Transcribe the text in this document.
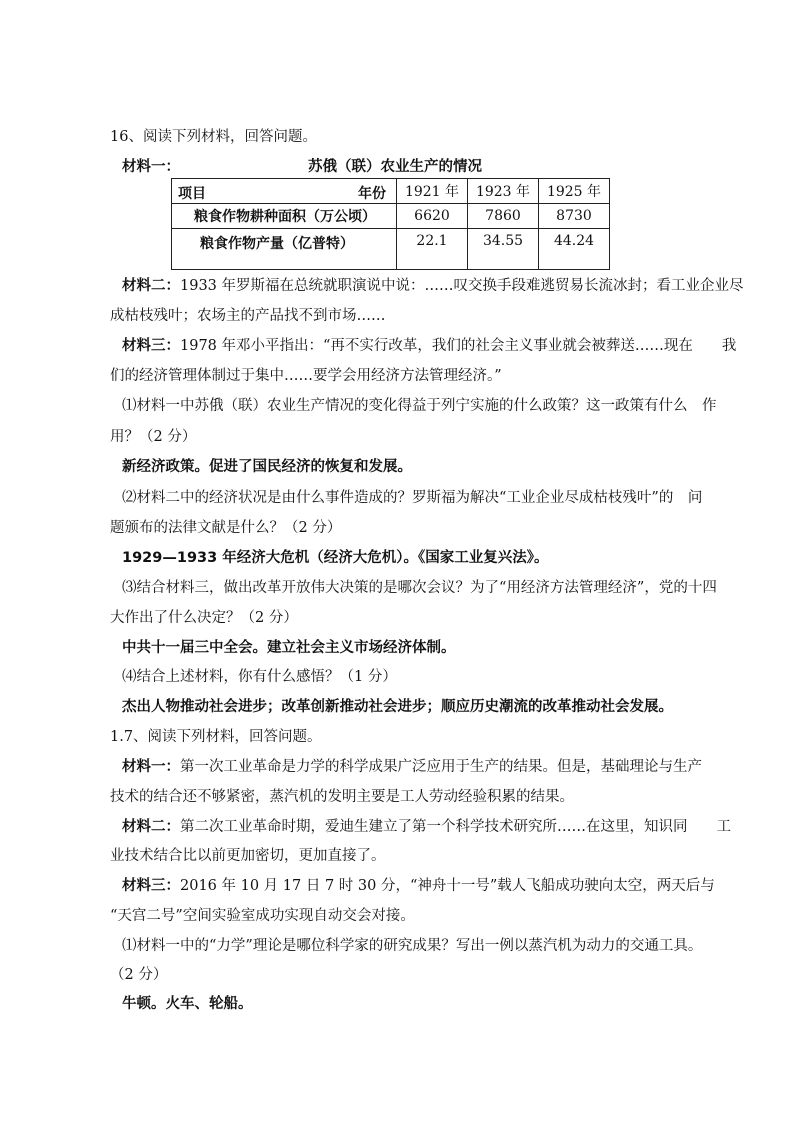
16、阅读下列材料，回答问题。
材料一：	苏俄（联）农业生产的情况
项目 年份	1921 年	1923 年	1925 年
粮食作物耕种面积（万公顷）	6620	7860	8730
粮食作物产量（亿普特）	22.1	34.55	44.24
材料二：1933 年罗斯福在总统就职演说中说：……叹交换手段难逃贸易长流冰封；看工业企业尽
成枯枝残叶；农场主的产品找不到市场……
材料三：1978 年邓小平指出：“再不实行改革，我们的社会主义事业就会被葬送……现在　　我
们的经济管理体制过于集中……要学会用经济方法管理经济。”
⑴材料一中苏俄（联）农业生产情况的变化得益于列宁实施的什么政策？这一政策有什么　作
用？（2 分）
新经济政策。促进了国民经济的恢复和发展。
⑵材料二中的经济状况是由什么事件造成的？罗斯福为解决“工业企业尽成枯枝残叶”的　问
题颁布的法律文献是什么？（2 分）
1929—1933 年经济大危机（经济大危机）。《国家工业复兴法》。
⑶结合材料三，做出改革开放伟大决策的是哪次会议？为了“用经济方法管理经济”，党的十四
大作出了什么决定？（2 分）
中共十一届三中全会。建立社会主义市场经济体制。
⑷结合上述材料，你有什么感悟？（1 分）
杰出人物推动社会进步；改革创新推动社会进步；顺应历史潮流的改革推动社会发展。
1.7、阅读下列材料，回答问题。
材料一：第一次工业革命是力学的科学成果广泛应用于生产的结果。但是，基础理论与生产
技术的结合还不够紧密，蒸汽机的发明主要是工人劳动经验积累的结果。
材料二：第二次工业革命时期，爱迪生建立了第一个科学技术研究所……在这里，知识同　　工
业技术结合比以前更加密切，更加直接了。
材料三：2016 年 10 月 17 日 7 时 30 分，“神舟十一号”载人飞船成功驶向太空，两天后与
“天宫二号”空间实验室成功实现自动交会对接。
⑴材料一中的“力学”理论是哪位科学家的研究成果？写出一例以蒸汽机为动力的交通工具。
（2 分）
牛顿。火车、轮船。
